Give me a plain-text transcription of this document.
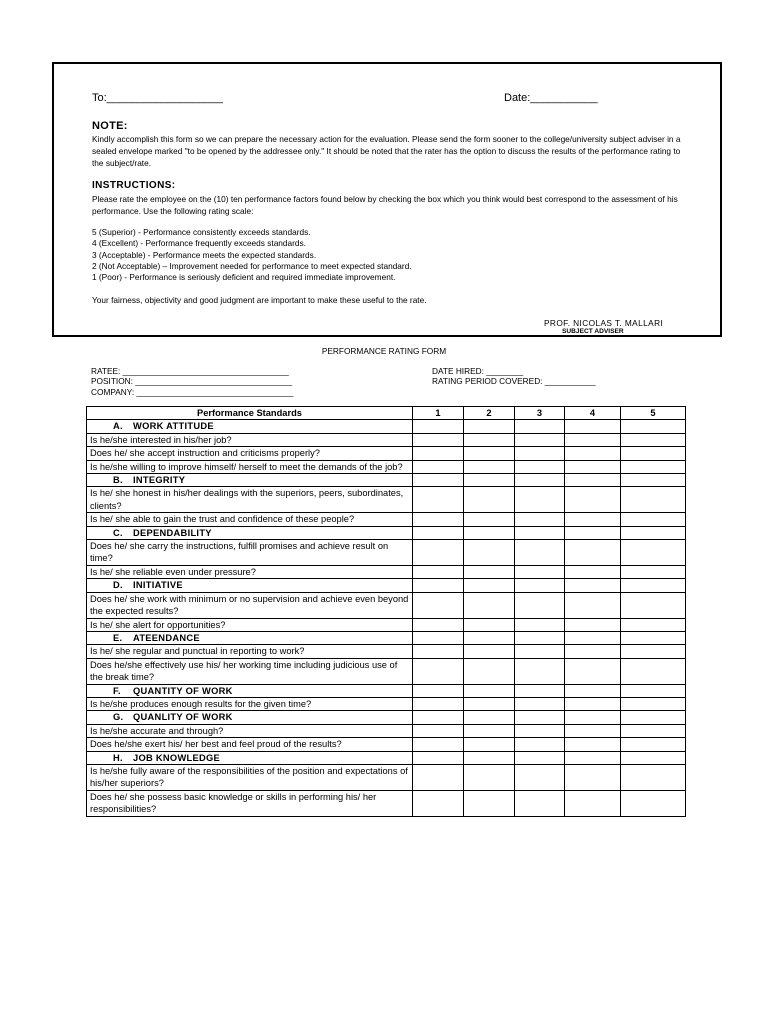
To:___________________	Date:___________
NOTE:
Kindly accomplish this form so we can prepare the necessary action for the evaluation. Please send the form sooner to the college/university subject adviser in a sealed envelope marked "to be opened by the addressee only." It should be noted that the rater has the option to discuss the results of the performance rating to the subject/rate.
INSTRUCTIONS:
Please rate the employee on the (10) ten performance factors found below by checking the box which you think would best correspond to the assessment of his performance. Use the following rating scale:
5 (Superior) - Performance consistently exceeds standards.
4 (Excellent) - Performance frequently exceeds standards.
3 (Acceptable) - Performance meets the expected standards.
2 (Not Acceptable) – Improvement needed for performance to meet expected standard.
1 (Poor) - Performance is seriously deficient and required immediate improvement.
Your fairness, objectivity and good judgment are important to make these useful to the rate.
PROF. NICOLAS T. MALLARI
SUBJECT ADVISER
PERFORMANCE RATING FORM
RATEE: ____________________________________
POSITION: __________________________________
COMPANY: __________________________________
DATE HIRED: ________
RATING PERIOD COVERED: ___________
Performance Standards	1	2	3	4	5
A. WORK ATTITUDE					
Is he/she interested in his/her job?					
Does he/ she accept instruction and criticisms properly?					
Is he/she willing to improve himself/ herself to meet the demands of the job?					
B. INTEGRITY					
Is he/ she honest in his/her dealings with the superiors, peers, subordinates, clients?					
Is he/ she able to gain the trust and confidence of these people?					
C. DEPENDABILITY					
Does he/ she carry the instructions, fulfill promises and achieve result on time?					
Is he/ she reliable even under pressure?					
D. INITIATIVE					
Does he/ she work with minimum or no supervision and achieve even beyond the expected results?					
Is he/ she alert for opportunities?					
E. ATEENDANCE					
Is he/ she regular and punctual in reporting to work?					
Does he/she effectively use his/ her working time including judicious use of the break time?					
F. QUANTITY OF WORK					
Is he/she produces enough results for the given time?					
G. QUANLITY OF WORK					
Is he/she accurate and through?					
Does he/she exert his/ her best and feel proud of the results?					
H. JOB KNOWLEDGE					
Is he/she fully aware of the responsibilities of the position and expectations of his/her superiors?					
Does he/ she possess basic knowledge or skills in performing his/ her responsibilities?					
